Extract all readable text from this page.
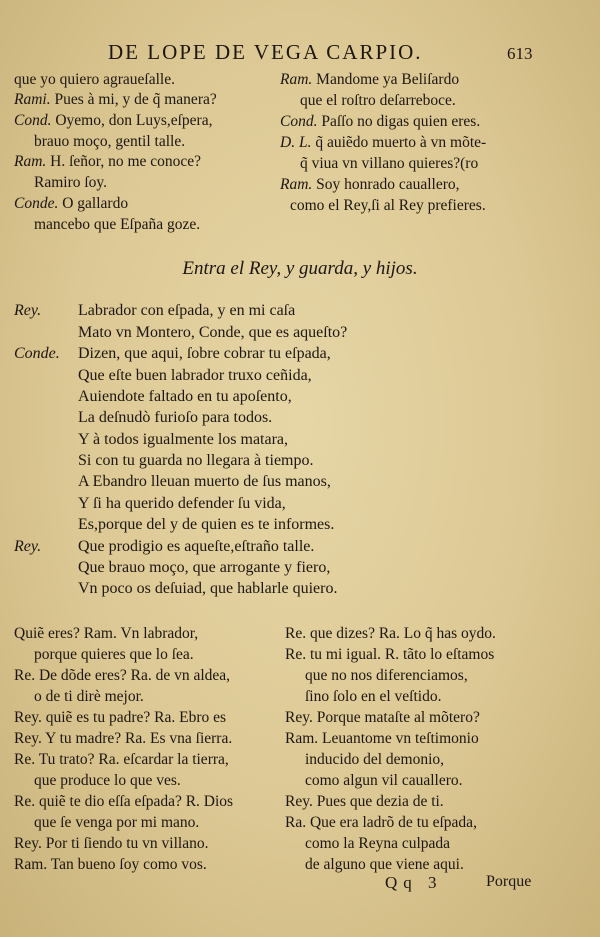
DE LOPE DE VEGA CARPIO.	613
que yo quiero agraueſalle.
Rami. Pues à mi, y de q̃ manera?
Cond. Oyemo, don Luys,eſpera,
brauo moço, gentil talle.
Ram. H. ſeñor, no me conoce?
Ramiro ſoy.
Conde. O gallardo
mancebo que Eſpaña goze.
Ram. Mandome ya Beliſardo
que el roſtro deſarreboce.
Cond. Paſſo no digas quien eres.
D. L. q̃ auiẽdo muerto à vn mõte-
q̃ viua vn villano quieres?(ro
Ram. Soy honrado cauallero,
como el Rey,ſi al Rey prefieres.
Entra el Rey, y guarda, y hijos.
Rey. Labrador con eſpada, y en mi caſa
Mato vn Montero, Conde, que es aqueſto?
Conde. Dizen, que aqui, ſobre cobrar tu eſpada,
Que eſte buen labrador truxo ceñida,
Auiendote faltado en tu apoſento,
La deſnudò furioſo para todos.
Y à todos igualmente los matara,
Si con tu guarda no llegara à tiempo.
A Ebandro lleuan muerto de ſus manos,
Y ſi ha querido defender ſu vida,
Es,porque del y de quien es te informes.
Rey. Que prodigio es aqueſte,eſtraño talle.
Que brauo moço, que arrogante y fiero,
Vn poco os deſuiad, que hablarle quiero.
Quiẽ eres? Ram. Vn labrador,
porque quieres que lo ſea.
Re. De dõde eres? Ra. de vn aldea,
o de ti dirè mejor.
Rey. quiẽ es tu padre? Ra. Ebro es
Rey. Y tu madre? Ra. Es vna ſierra.
Re. Tu trato? Ra. eſcardar la tierra,
que produce lo que ves.
Re. quiẽ te dio eſſa eſpada? R. Dios
que ſe venga por mi mano.
Rey. Por ti ſiendo tu vn villano.
Ram. Tan bueno ſoy como vos.
Re. que dizes? Ra. Lo q̃ has oydo.
Re. tu mi igual. R. tãto lo eſtamos
que no nos diferenciamos,
ſino ſolo en el veſtido.
Rey. Porque mataſte al mõtero?
Ram. Leuantome vn teſtimonio
inducido del demonio,
como algun vil cauallero.
Rey. Pues que dezia de ti.
Ra. Que era ladrõ de tu eſpada,
como la Reyna culpada
de alguno que viene aqui.
Qq 3	Porque
